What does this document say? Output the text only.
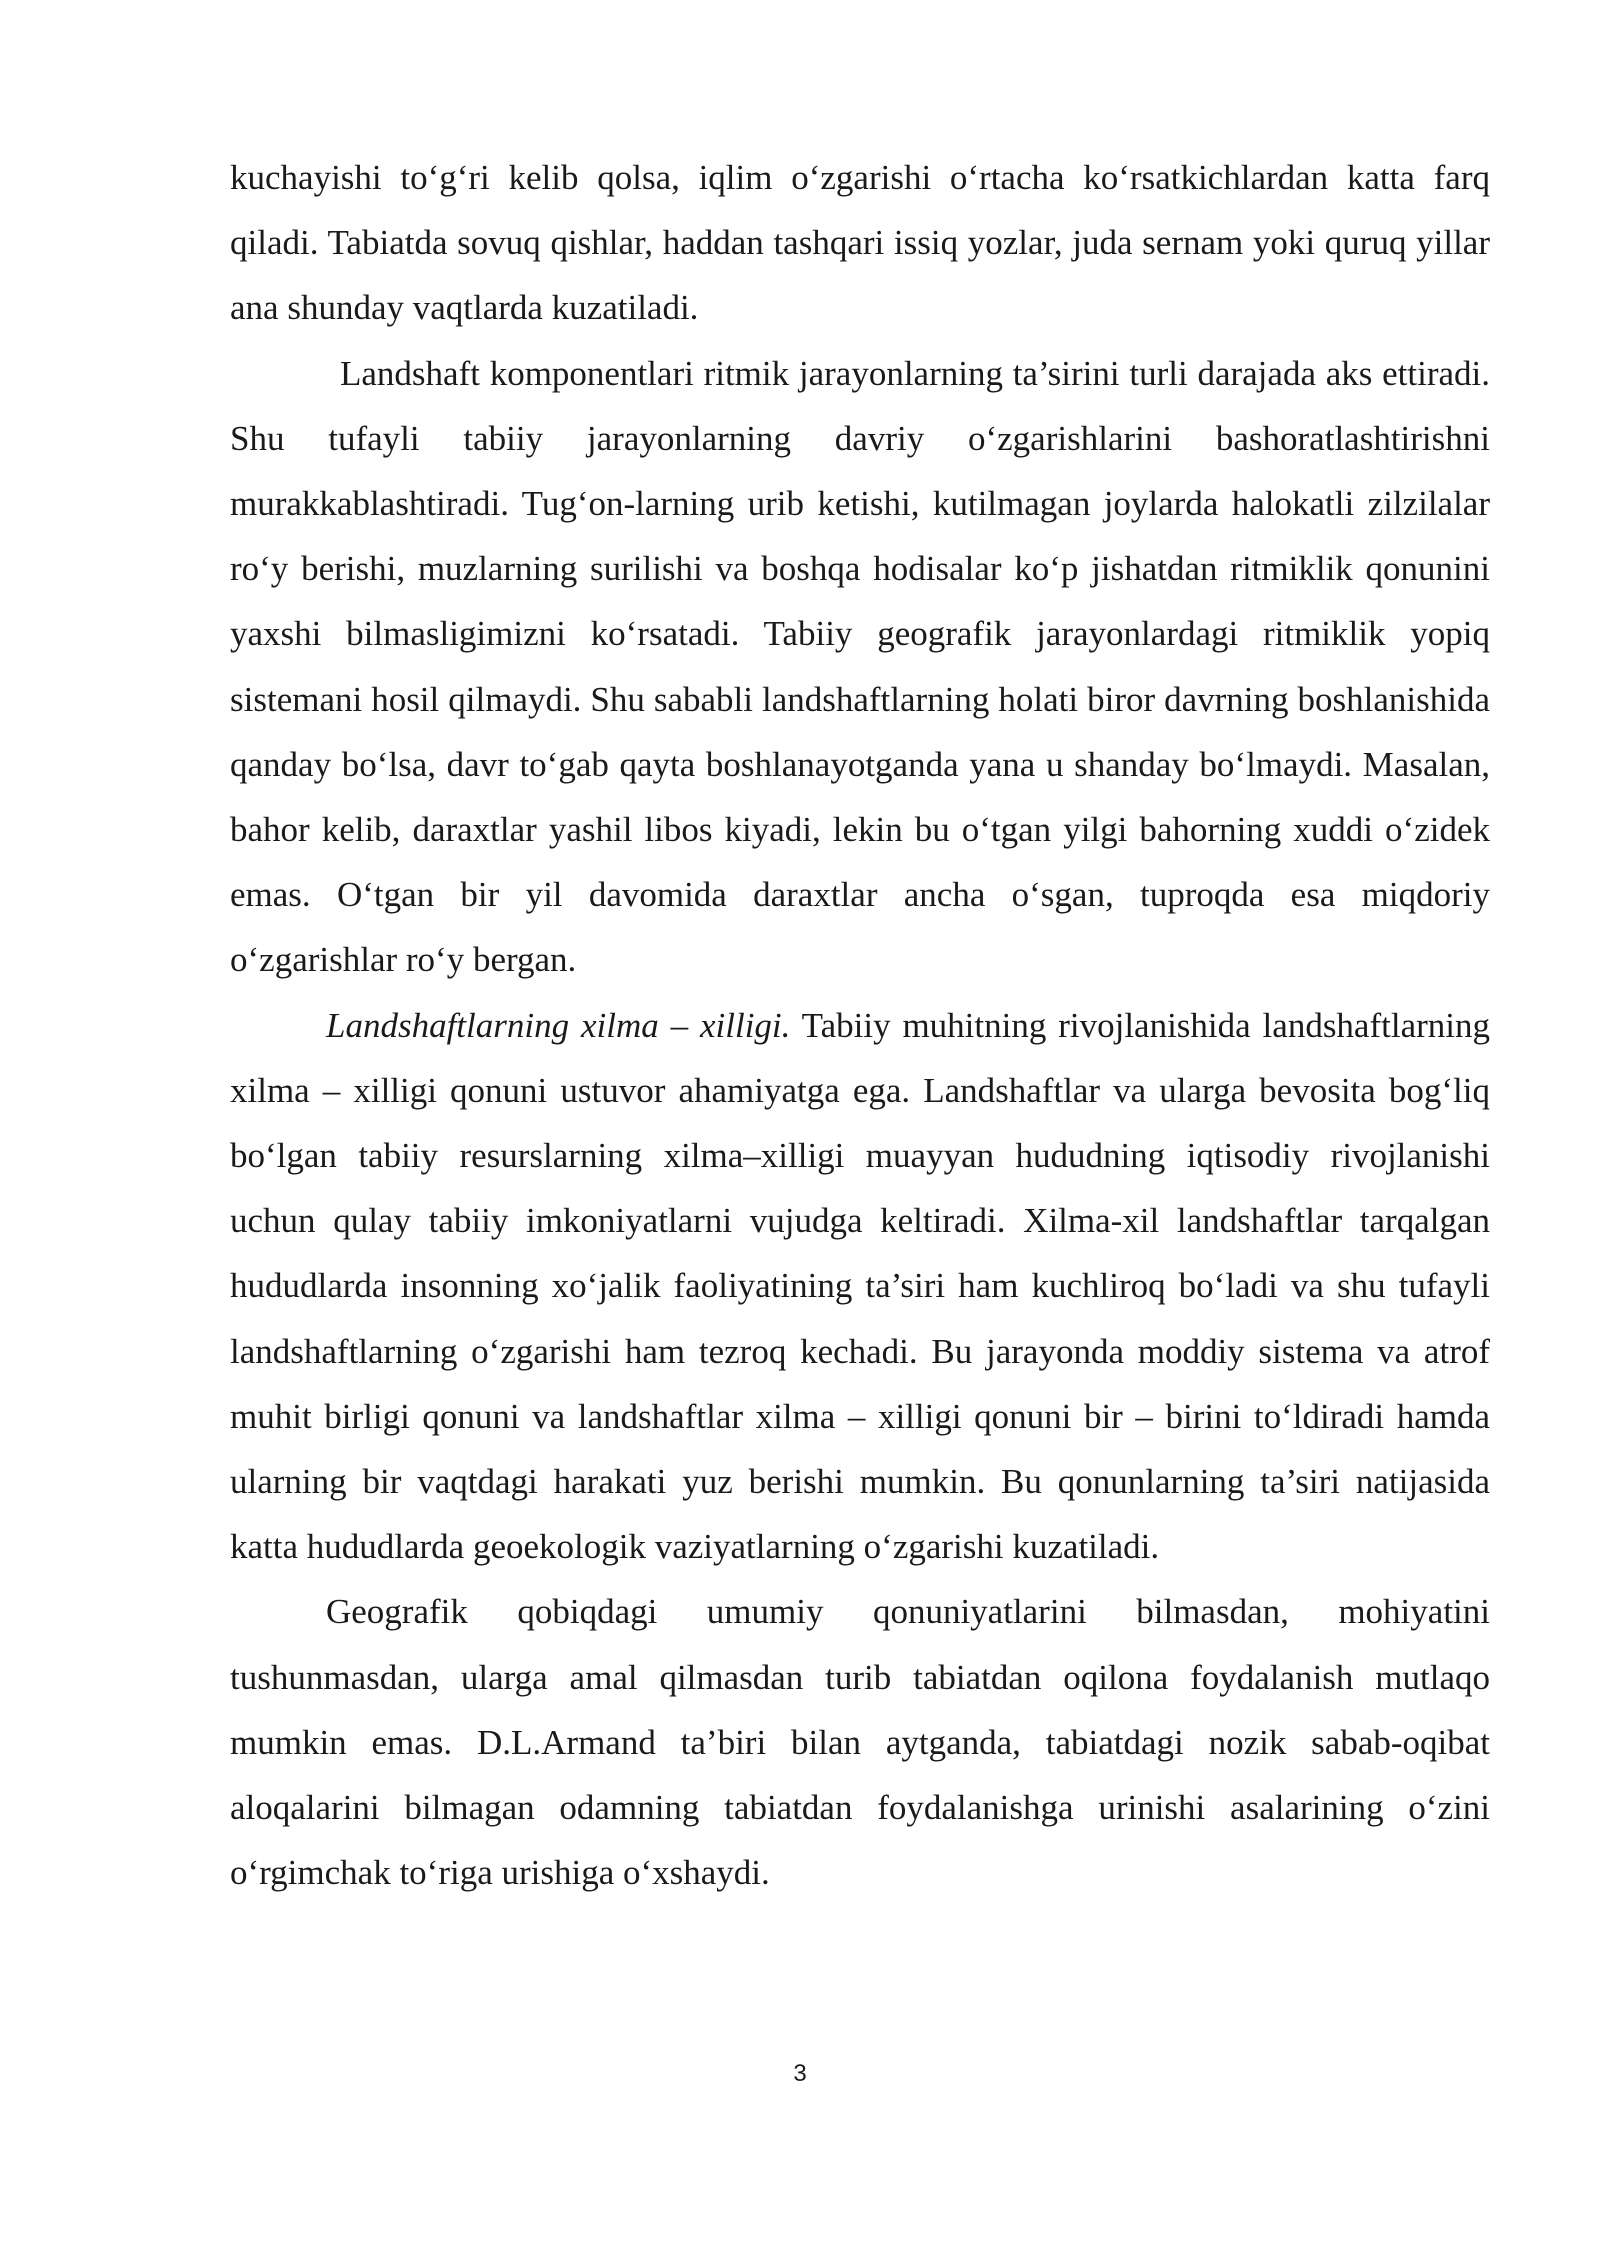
kuchayishi to‘g‘ri kelib qolsa, iqlim o‘zgarishi o‘rtacha ko‘rsatkichlardan katta farq qiladi. Tabiatda sovuq qishlar, haddan tashqari issiq yozlar, juda sernam yoki quruq yillar ana shunday vaqtlarda kuzatiladi.

Landshaft komponentlari ritmik jarayonlarning ta’sirini turli darajada aks ettiradi. Shu tufayli tabiiy jarayonlarning davriy o‘zgarishlarini bashoratlashtirishni murakkablashtiradi. Tug‘on-larning urib ketishi, kutilmagan joylarda halokatli zilzilalar ro‘y berishi, muzlarning surilishi va boshqa hodisalar ko‘p jishatdan ritmiklik qonunini yaxshi bilmasligimizni ko‘rsatadi. Tabiiy geografik jarayonlardagi ritmiklik yopiq sistemani hosil qilmaydi. Shu sababli landshaftlarning holati biror davrning boshlanishida qanday bo‘lsa, davr to‘gab qayta boshlanayotganda yana u shanday bo‘lmaydi. Masalan, bahor kelib, daraxtlar yashil libos kiyadi, lekin bu o‘tgan yilgi bahorning xuddi o‘zidek emas. O‘tgan bir yil davomida daraxtlar ancha o‘sgan, tuproqda esa miqdoriy o‘zgarishlar ro‘y bergan.

Landshaftlarning xilma – xilligi. Tabiiy muhitning rivojlanishida landshaftlarning xilma – xilligi qonuni ustuvor ahamiyatga ega. Landshaftlar va ularga bevosita bog‘liq bo‘lgan tabiiy resurslarning xilma–xilligi muayyan hududning iqtisodiy rivojlanishi uchun qulay tabiiy imkoniyatlarni vujudga keltiradi. Xilma-xil landshaftlar tarqalgan hududlarda insonning xo‘jalik faoliyatining ta’siri ham kuchliroq bo‘ladi va shu tufayli landshaftlarning o‘zgarishi ham tezroq kechadi. Bu jarayonda moddiy sistema va atrof muhit birligi qonuni va landshaftlar xilma – xilligi qonuni bir – birini to‘ldiradi hamda ularning bir vaqtdagi harakati yuz berishi mumkin. Bu qonunlarning ta’siri natijasida katta hududlarda geoekologik vaziyatlarning o‘zgarishi kuzatiladi.

Geografik qobiqdagi umumiy qonuniyatlarini bilmasdan, mohiyatini tushunmasdan, ularga amal qilmasdan turib tabiatdan oqilona foydalanish mutlaqo mumkin emas. D.L.Armand ta’biri bilan aytganda, tabiatdagi nozik sabab-oqibat aloqalarini bilmagan odamning tabiatdan foydalanishga urinishi asalarining o‘zini o‘rgimchak to‘riga urishiga o‘xshaydi.

3
